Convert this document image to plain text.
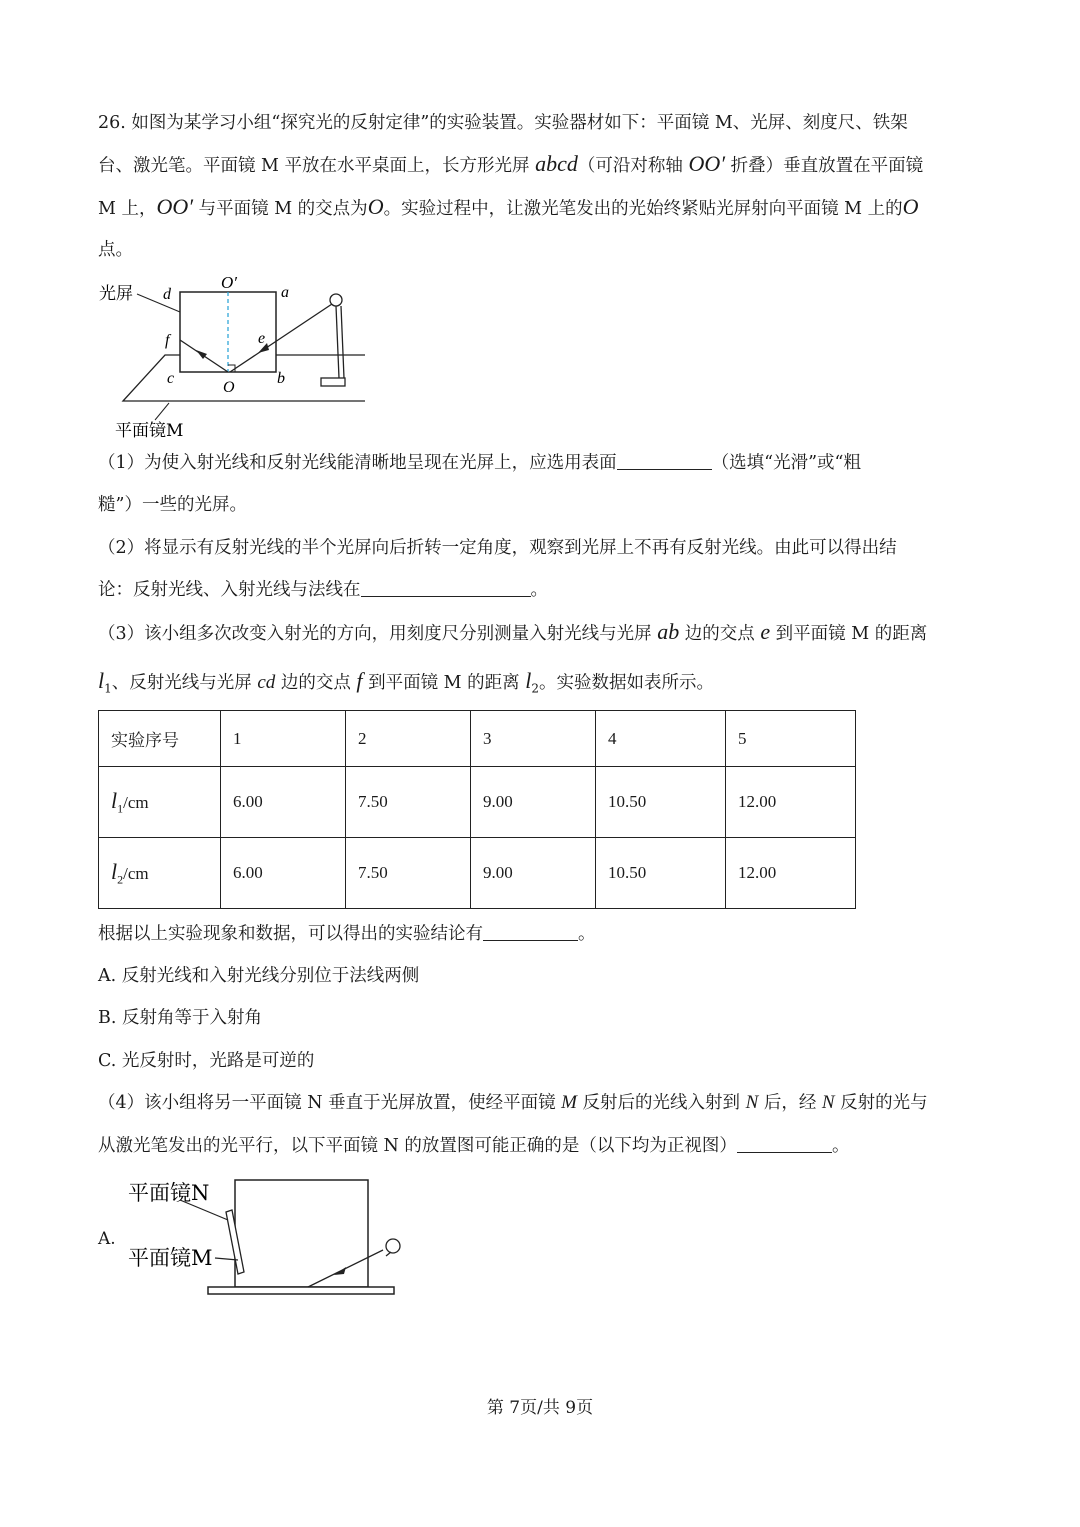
26. 如图为某学习小组“探究光的反射定律”的实验装置。实验器材如下：平面镜 M、光屏、刻度尺、铁架
台、激光笔。平面镜 M 平放在水平桌面上，长方形光屏 abcd（可沿对称轴 OO′ 折叠）垂直放置在平面镜
M 上，OO′ 与平面镜 M 的交点为O。实验过程中，让激光笔发出的光始终紧贴光屏射向平面镜 M 上的O
点。
光屏 d
O′
a
f	e
c
O
b
平面镜M
（1）为使入射光线和反射光线能清晰地呈现在光屏上，应选用表面	（选填“光滑”或“粗
糙”）一些的光屏。
（2）将显示有反射光线的半个光屏向后折转一定角度，观察到光屏上不再有反射光线。由此可以得出结
论：反射光线、入射光线与法线在	。
（3）该小组多次改变入射光的方向，用刻度尺分别测量入射光线与光屏 ab 边的交点 e 到平面镜 M 的距离
$l_1$、反射光线与光屏 cd 边的交点 f 到平面镜 M 的距离 $l_2$。实验数据如表所示。
实验序号	1	2	3	4	5
$l_1/cm$	6.00	7.50	9.00	10.50	12.00
$l_2/cm$	6.00	7.50	9.00	10.50	12.00
根据以上实验现象和数据，可以得出的实验结论有	。
A. 反射光线和入射光线分别位于法线两侧
B. 反射角等于入射角
C. 光反射时，光路是可逆的
（4）该小组将另一平面镜 N 垂直于光屏放置，使经平面镜 M 反射后的光线入射到 N 后，经 N 反射的光与
从激光笔发出的光平行，以下平面镜 N 的放置图可能正确的是（以下均为正视图）	。
A.
平面镜N
平面镜M
第 7页/共 9页
